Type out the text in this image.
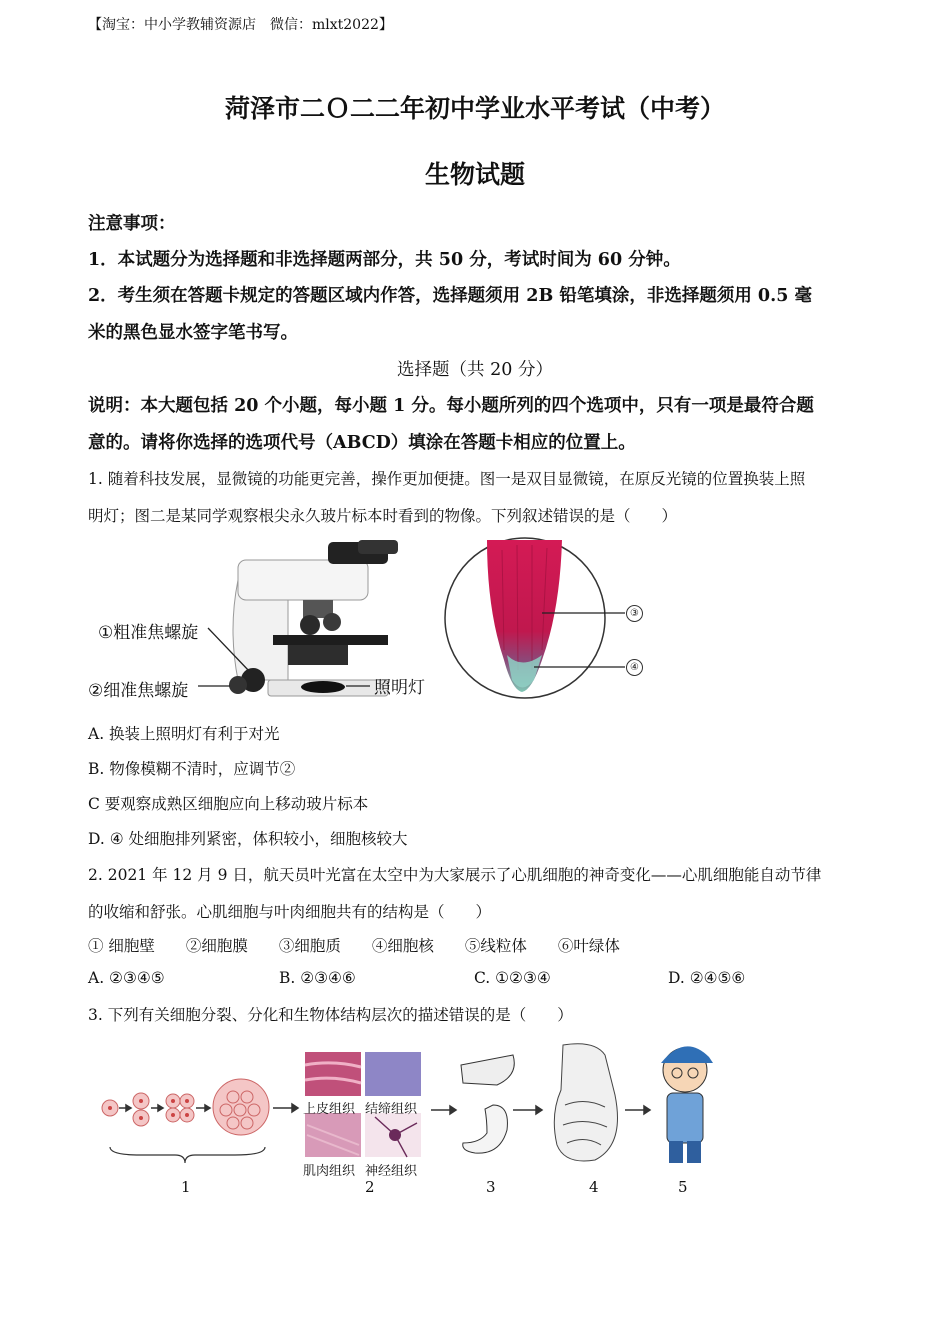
【淘宝：中小学教辅资源店　微信：mlxt2022】
菏泽市二Ｏ二二年初中学业水平考试（中考）
生物试题
注意事项：
1．本试题分为选择题和非选择题两部分，共 50 分，考试时间为 60 分钟。
2．考生须在答题卡规定的答题区域内作答，选择题须用 2B 铅笔填涂，非选择题须用 0.5 毫
米的黑色显水签字笔书写。
选择题（共 20 分）
说明：本大题包括 20 个小题，每小题 1 分。每小题所列的四个选项中，只有一项是最符合题
意的。请将你选择的选项代号（ABCD）填涂在答题卡相应的位置上。
1. 随着科技发展，显微镜的功能更完善，操作更加便捷。图一是双目显微镜，在原反光镜的位置换装上照
明灯；图二是某同学观察根尖永久玻片标本时看到的物像。下列叙述错误的是（　　）
①粗准焦螺旋
②细准焦螺旋	照明灯
③
④
A. 换装上照明灯有利于对光
B. 物像模糊不清时，应调节②
C 要观察成熟区细胞应向上移动玻片标本
D. ④ 处细胞排列紧密，体积较小，细胞核较大
2. 2021 年 12 月 9 日，航天员叶光富在太空中为大家展示了心肌细胞的神奇变化——心肌细胞能自动节律
的收缩和舒张。心肌细胞与叶肉细胞共有的结构是（　　）
① 细胞壁　　②细胞膜　　③细胞质　　④细胞核　　⑤线粒体　　⑥叶绿体
A. ②③④⑤	B. ②③④⑥	C. ①②③④	D. ②④⑤⑥
3. 下列有关细胞分裂、分化和生物体结构层次的描述错误的是（　　）
上皮组织 结缔组织
肌肉组织 神经组织
1	2	3	4	5
